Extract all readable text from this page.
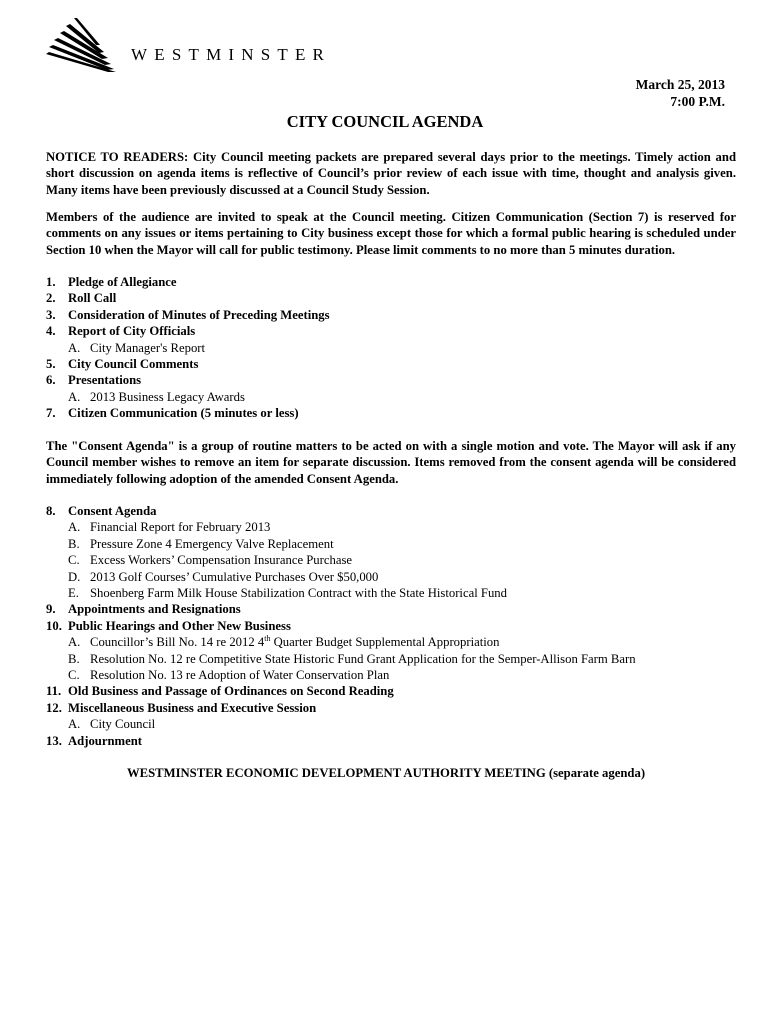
WESTMINSTER
March 25, 2013
7:00 P.M.
CITY COUNCIL AGENDA
NOTICE TO READERS: City Council meeting packets are prepared several days prior to the meetings. Timely action and short discussion on agenda items is reflective of Council’s prior review of each issue with time, thought and analysis given. Many items have been previously discussed at a Council Study Session.
Members of the audience are invited to speak at the Council meeting. Citizen Communication (Section 7) is reserved for comments on any issues or items pertaining to City business except those for which a formal public hearing is scheduled under Section 10 when the Mayor will call for public testimony. Please limit comments to no more than 5 minutes duration.
1. Pledge of Allegiance
2. Roll Call
3. Consideration of Minutes of Preceding Meetings
4. Report of City Officials
A. City Manager's Report
5. City Council Comments
6. Presentations
A. 2013 Business Legacy Awards
7. Citizen Communication (5 minutes or less)
The "Consent Agenda" is a group of routine matters to be acted on with a single motion and vote. The Mayor will ask if any Council member wishes to remove an item for separate discussion. Items removed from the consent agenda will be considered immediately following adoption of the amended Consent Agenda.
8. Consent Agenda
A. Financial Report for February 2013
B. Pressure Zone 4 Emergency Valve Replacement
C. Excess Workers’ Compensation Insurance Purchase
D. 2013 Golf Courses’ Cumulative Purchases Over $50,000
E. Shoenberg Farm Milk House Stabilization Contract with the State Historical Fund
9. Appointments and Resignations
10. Public Hearings and Other New Business
A. Councillor’s Bill No. 14 re 2012 4th Quarter Budget Supplemental Appropriation
B. Resolution No. 12 re Competitive State Historic Fund Grant Application for the Semper-Allison Farm Barn
C. Resolution No. 13 re Adoption of Water Conservation Plan
11. Old Business and Passage of Ordinances on Second Reading
12. Miscellaneous Business and Executive Session
A. City Council
13. Adjournment
WESTMINSTER ECONOMIC DEVELOPMENT AUTHORITY MEETING (separate agenda)
